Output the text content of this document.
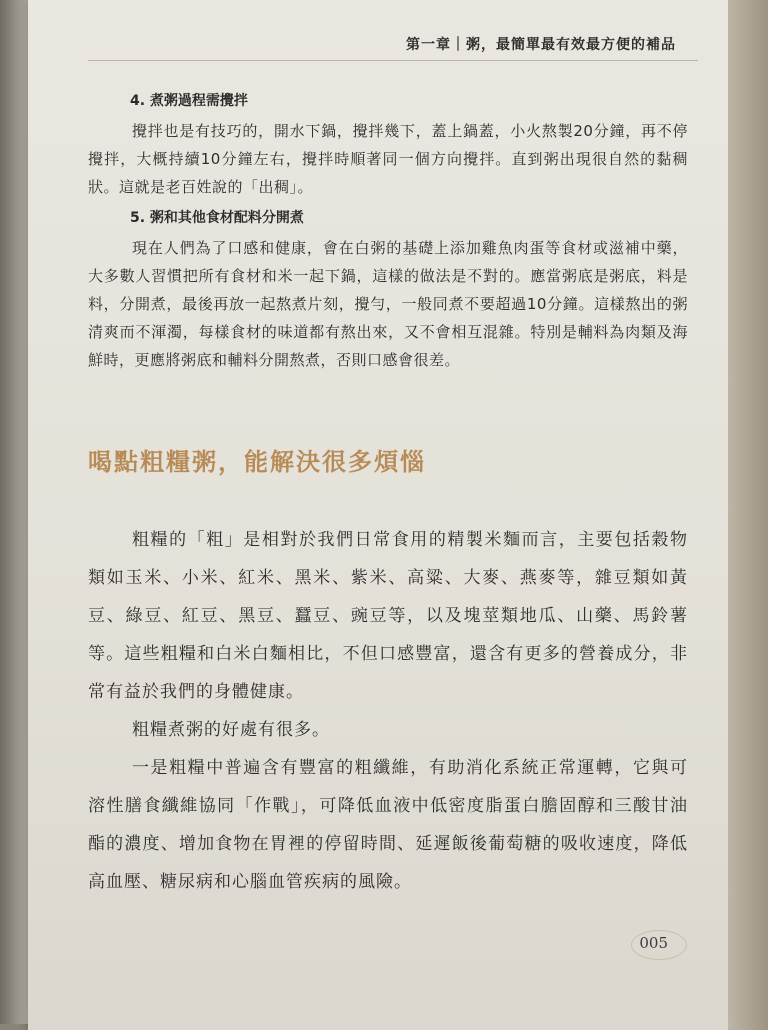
第一章｜粥，最簡單最有效最方便的補品
4. 煮粥過程需攪拌

攪拌也是有技巧的，開水下鍋，攪拌幾下，蓋上鍋蓋，小火熬製20分鐘，再不停攪拌，大概持續10分鐘左右，攪拌時順著同一個方向攪拌。直到粥出現很自然的黏稠狀。這就是老百姓說的「出稠」。

5. 粥和其他食材配料分開煮

現在人們為了口感和健康，會在白粥的基礎上添加雞魚肉蛋等食材或滋補中藥，大多數人習慣把所有食材和米一起下鍋，這樣的做法是不對的。應當粥底是粥底，料是料，分開煮，最後再放一起熬煮片刻，攪勻，一般同煮不要超過10分鐘。這樣熬出的粥清爽而不渾濁，每樣食材的味道都有熬出來，又不會相互混雜。特別是輔料為肉類及海鮮時，更應將粥底和輔料分開熬煮，否則口感會很差。

喝點粗糧粥，能解決很多煩惱

粗糧的「粗」是相對於我們日常食用的精製米麵而言，主要包括穀物類如玉米、小米、紅米、黑米、紫米、高粱、大麥、燕麥等，雜豆類如黃豆、綠豆、紅豆、黑豆、蠶豆、豌豆等，以及塊莖類地瓜、山藥、馬鈴薯等。這些粗糧和白米白麵相比，不但口感豐富，還含有更多的營養成分，非常有益於我們的身體健康。

粗糧煮粥的好處有很多。

一是粗糧中普遍含有豐富的粗纖維，有助消化系統正常運轉，它與可溶性膳食纖維協同「作戰」，可降低血液中低密度脂蛋白膽固醇和三酸甘油酯的濃度、增加食物在胃裡的停留時間、延遲飯後葡萄糖的吸收速度，降低高血壓、糖尿病和心腦血管疾病的風險。

005
